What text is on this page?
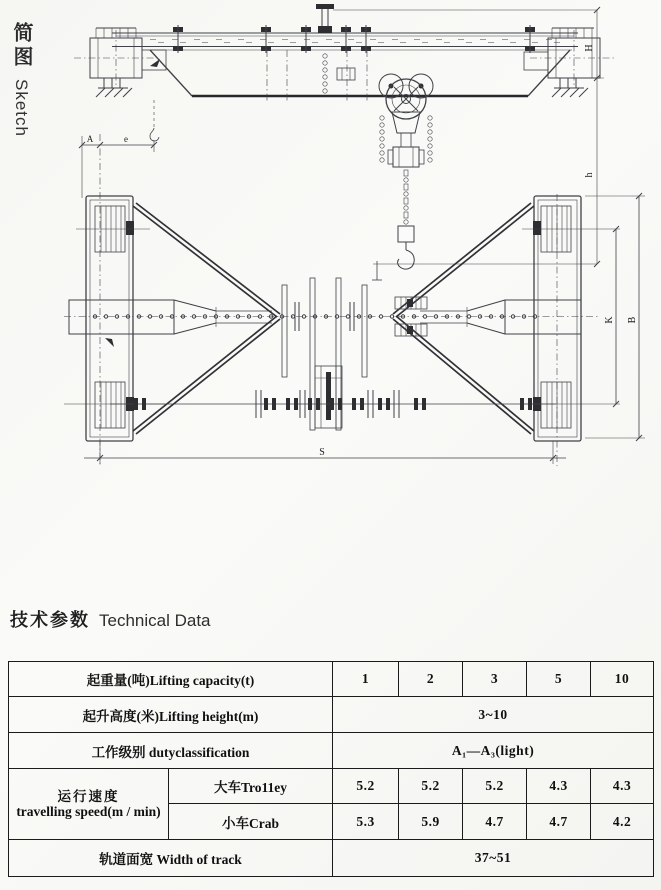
简图Sketch
H
h
A	e
S
K B
技术参数 Technical Data
起重量(吨)Lifting capacity(t)		1	2	3	5	10
起升高度(米)Lifting height(m)		3~10				
工作级别 dutyclassification		A₁—A₃(light)				

运行速度
travelling speed(m / min)	大车Tro11ey	5.2	5.2	5.2	4.3	4.3
	小车Crab	5.3	5.9	4.7	4.7	4.2
轨道面宽 Width of track		37~51				
